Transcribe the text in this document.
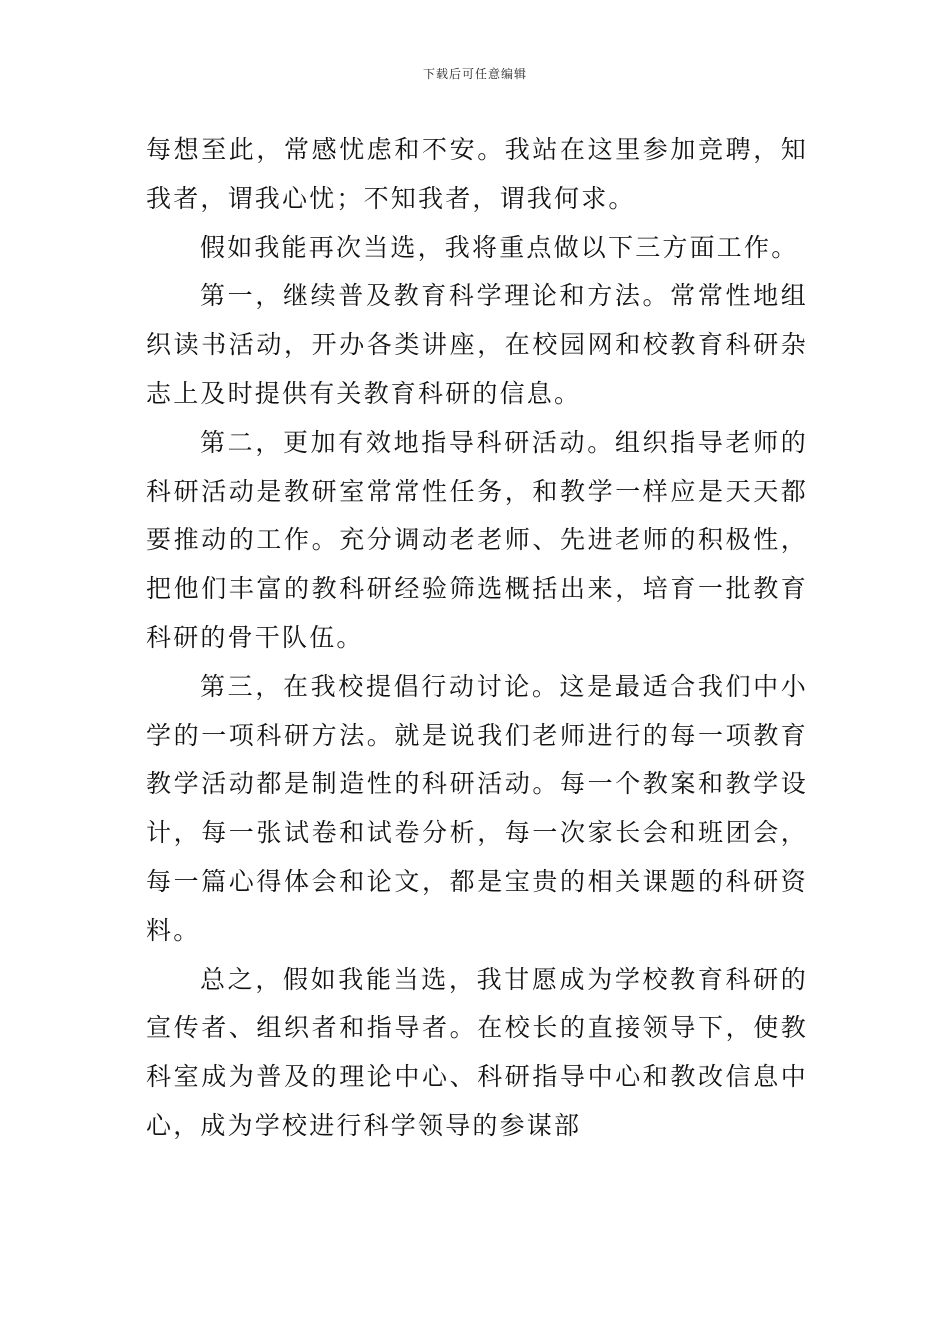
下载后可任意编辑

每想至此，常感忧虑和不安。我站在这里参加竞聘，知我者，谓我心忧；不知我者，谓我何求。

假如我能再次当选，我将重点做以下三方面工作。

第一，继续普及教育科学理论和方法。常常性地组织读书活动，开办各类讲座，在校园网和校教育科研杂志上及时提供有关教育科研的信息。

第二，更加有效地指导科研活动。组织指导老师的科研活动是教研室常常性任务，和教学一样应是天天都要推动的工作。充分调动老老师、先进老师的积极性，把他们丰富的教科研经验筛选概括出来，培育一批教育科研的骨干队伍。

第三，在我校提倡行动讨论。这是最适合我们中小学的一项科研方法。就是说我们老师进行的每一项教育教学活动都是制造性的科研活动。每一个教案和教学设计，每一张试卷和试卷分析，每一次家长会和班团会，每一篇心得体会和论文，都是宝贵的相关课题的科研资料。

总之，假如我能当选，我甘愿成为学校教育科研的宣传者、组织者和指导者。在校长的直接领导下，使教科室成为普及的理论中心、科研指导中心和教改信息中心，成为学校进行科学领导的参谋部
